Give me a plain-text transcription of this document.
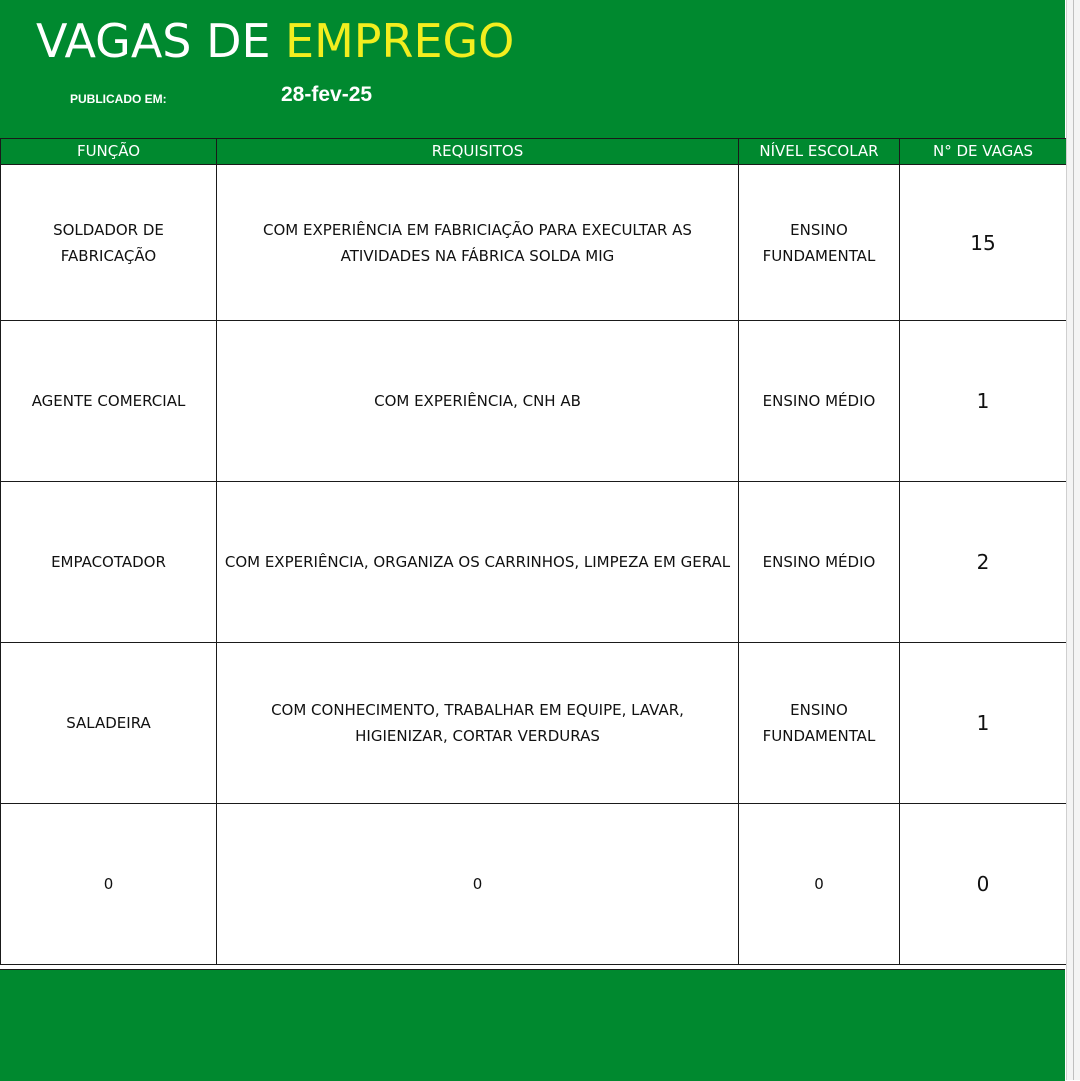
VAGAS DE EMPREGO
PUBLICADO EM:	28-fev-25
FUNÇÃO	REQUISITOS	NÍVEL ESCOLAR	N° DE VAGAS
SOLDADOR DE FABRICAÇÃO	COM EXPERIÊNCIA EM FABRICIAÇÃO PARA EXECULTAR AS ATIVIDADES NA FÁBRICA SOLDA MIG	ENSINO FUNDAMENTAL	15
AGENTE COMERCIAL	COM EXPERIÊNCIA, CNH AB	ENSINO MÉDIO	1
EMPACOTADOR	COM EXPERIÊNCIA, ORGANIZA OS CARRINHOS, LIMPEZA EM GERAL	ENSINO MÉDIO	2
SALADEIRA	COM CONHECIMENTO, TRABALHAR EM EQUIPE, LAVAR, HIGIENIZAR, CORTAR VERDURAS	ENSINO FUNDAMENTAL	1
0	0	0	0
